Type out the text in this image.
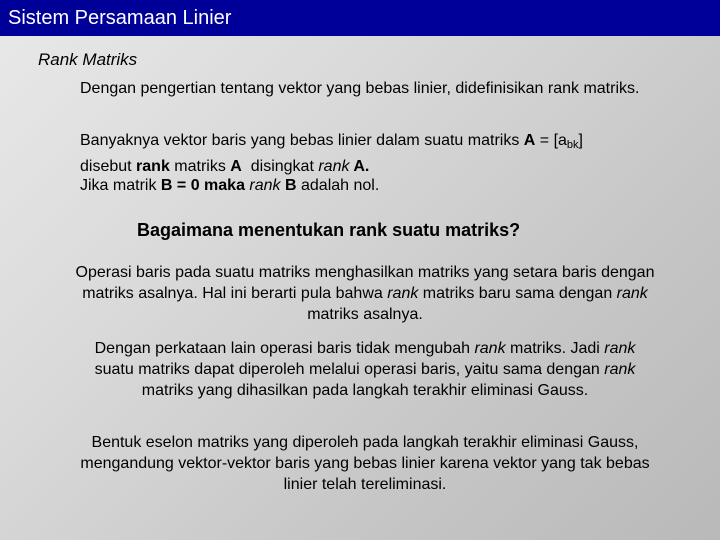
Sistem Persamaan Linier
Rank Matriks
Dengan pengertian tentang vektor yang bebas linier, didefinisikan rank matriks.
Banyaknya vektor baris yang bebas linier dalam suatu matriks $A = [a_{bk}]$
disebut rank matriks A  disingkat rank A.
Jika matrik B = 0 maka rank B adalah nol.
Bagaimana menentukan rank suatu matriks?
Operasi baris pada suatu matriks menghasilkan matriks yang setara baris dengan matriks asalnya. Hal ini berarti pula bahwa rank matriks baru sama dengan rank matriks asalnya.
Dengan perkataan lain operasi baris tidak mengubah rank matriks. Jadi rank suatu matriks dapat diperoleh melalui operasi baris, yaitu sama dengan rank matriks yang dihasilkan pada langkah terakhir eliminasi Gauss.
Bentuk eselon matriks yang diperoleh pada langkah terakhir eliminasi Gauss, mengandung vektor-vektor baris yang bebas linier karena vektor yang tak bebas linier telah tereliminasi.
